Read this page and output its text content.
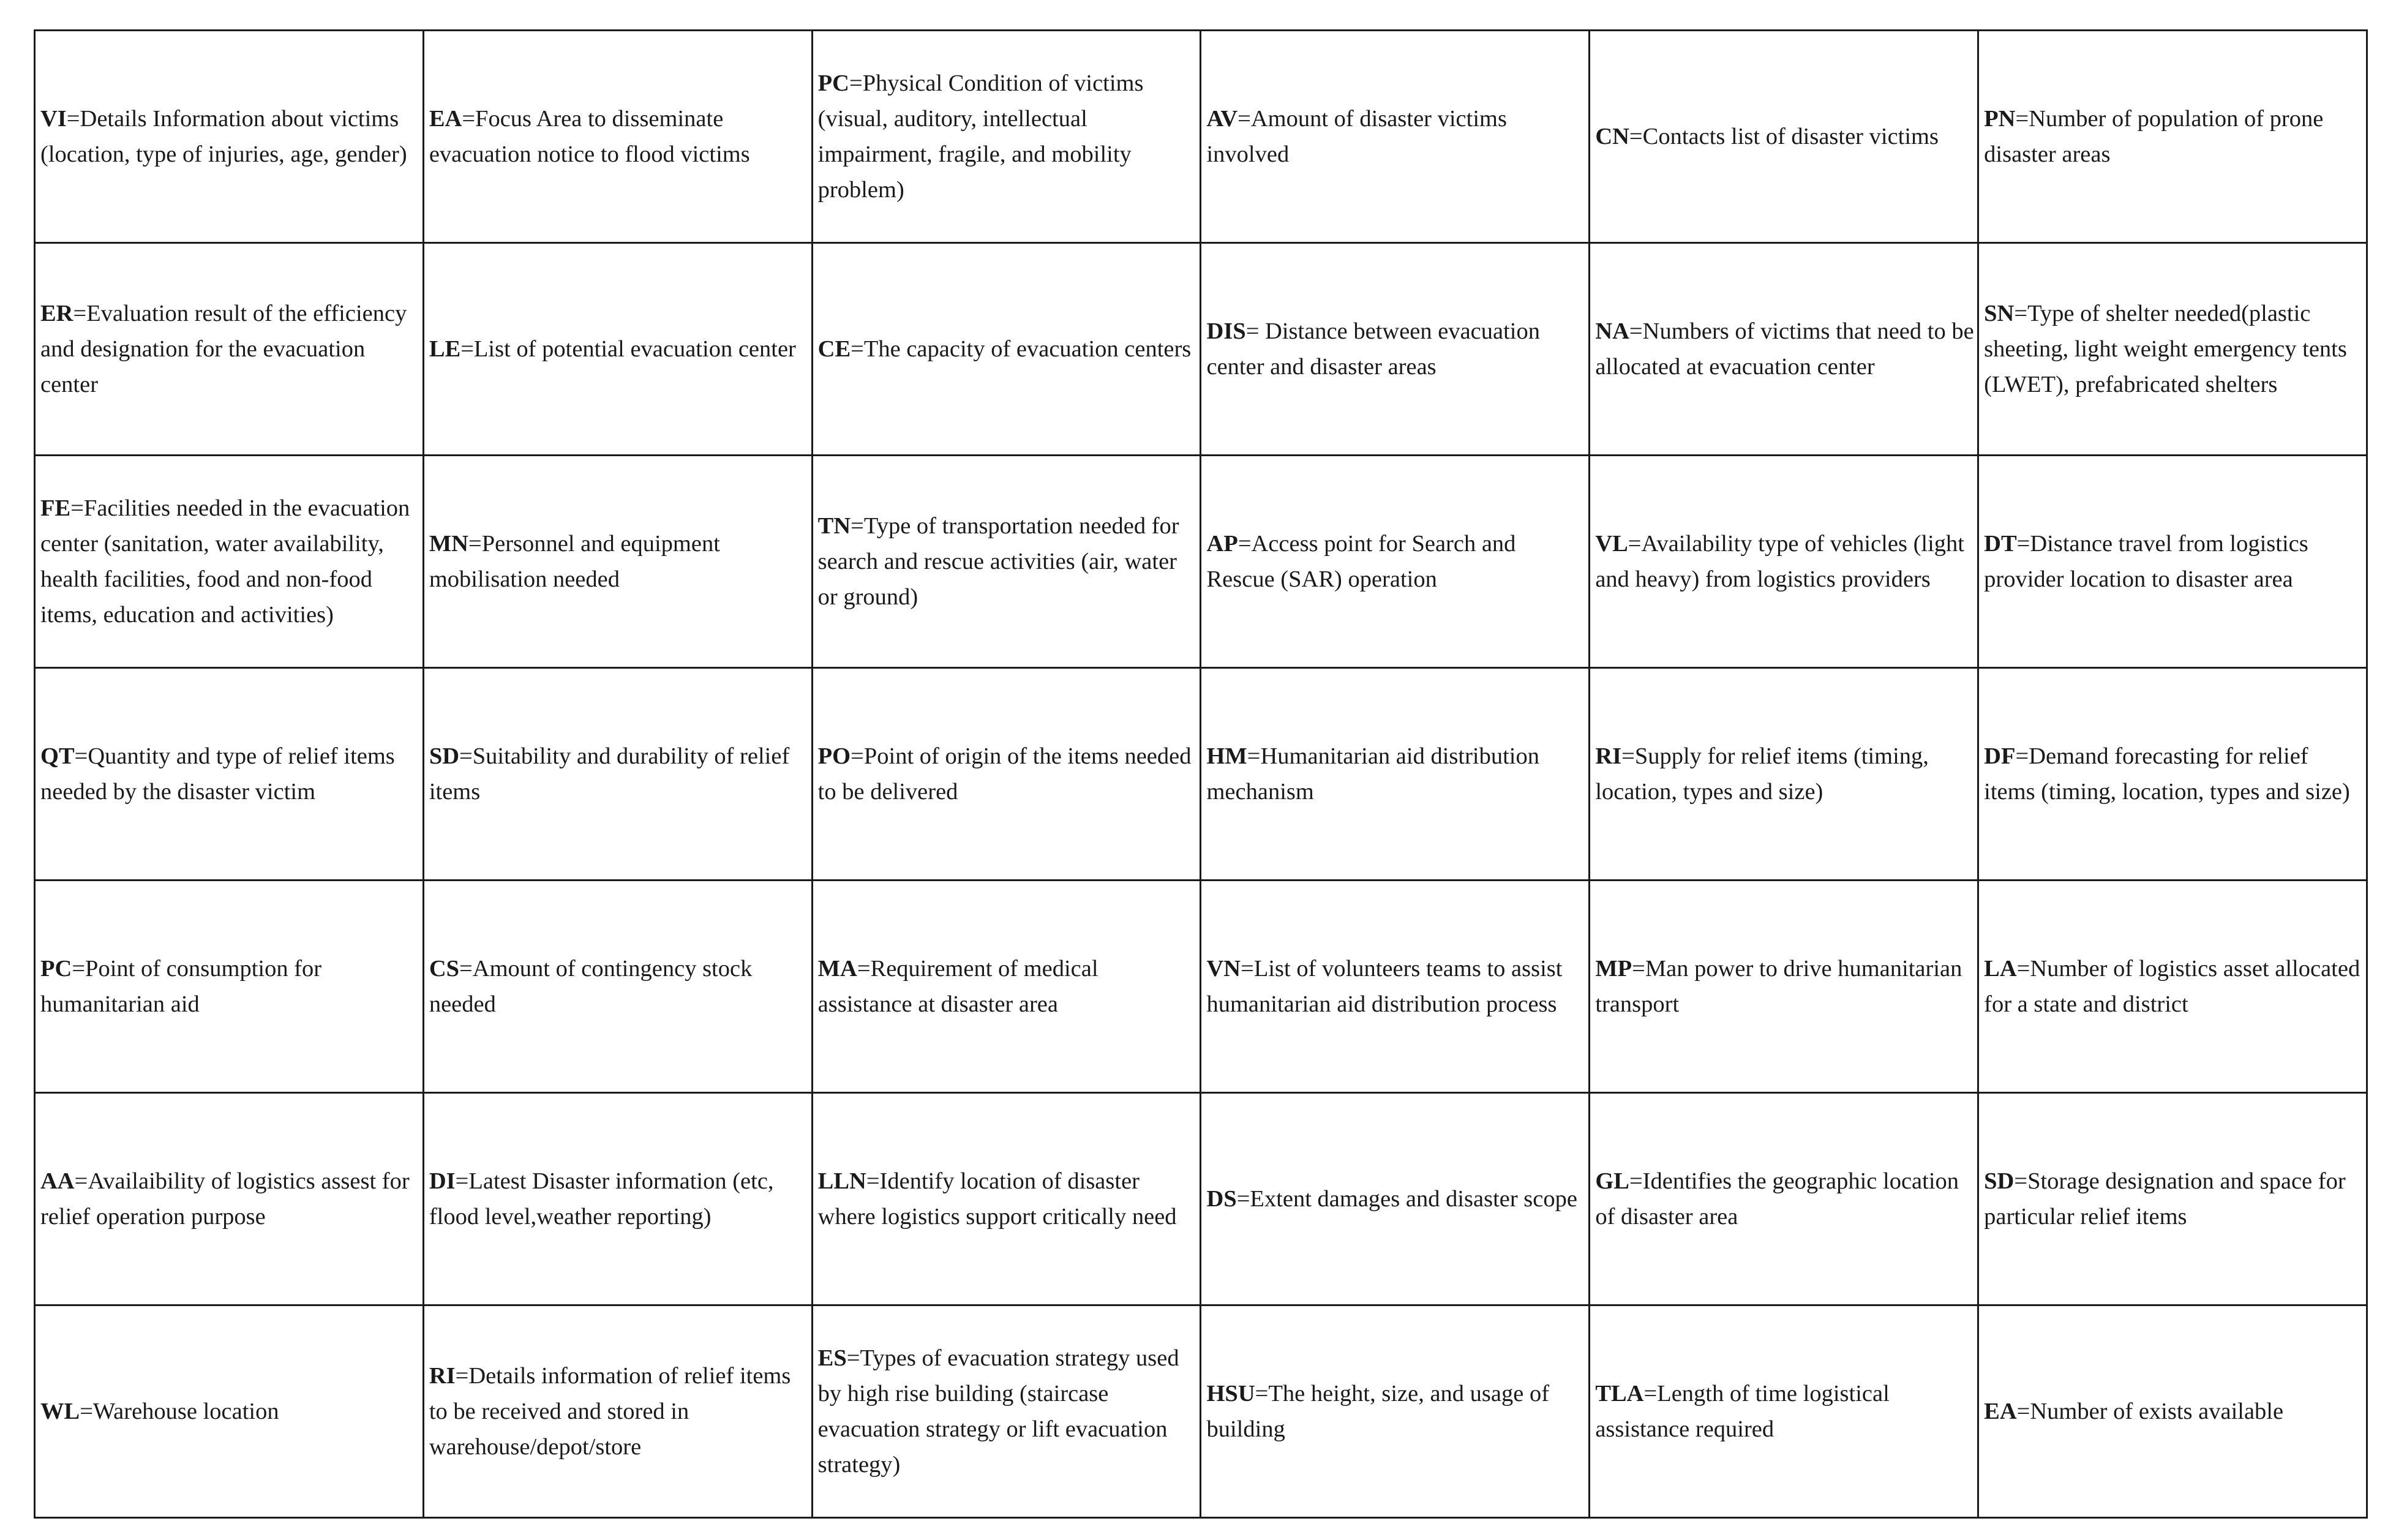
VI=Details Information about victims (location, type of injuries, age, gender)	EA=Focus Area to disseminate evacuation notice to flood victims	PC=Physical Condition of victims (visual, auditory, intellectual impairment, fragile, and mobility problem)	AV=Amount of disaster victims involved	CN=Contacts list of disaster victims	PN=Number of population of prone disaster areas
ER=Evaluation result of the efficiency and designation for the evacuation center	LE=List of potential evacuation center	CE=The capacity of evacuation centers	DIS= Distance between evacuation center and disaster areas	NA=Numbers of victims that need to be allocated at evacuation center	SN=Type of shelter needed(plastic sheeting, light weight emergency tents (LWET), prefabricated shelters
FE=Facilities needed in the evacuation center (sanitation, water availability, health facilities, food and non-food items, education and activities)	MN=Personnel and equipment mobilisation needed	TN=Type of transportation needed for search and rescue activities (air, water or ground)	AP=Access point for Search and Rescue (SAR) operation	VL=Availability type of vehicles (light and heavy) from logistics providers	DT=Distance travel from logistics provider location to disaster area
QT=Quantity and type of relief items needed by the disaster victim	SD=Suitability and durability of relief items	PO=Point of origin of the items needed to be delivered	HM=Humanitarian aid distribution mechanism	RI=Supply for relief items (timing, location, types and size)	DF=Demand forecasting for relief items (timing, location, types and size)
PC=Point of consumption for humanitarian aid	CS=Amount of contingency stock needed	MA=Requirement of medical assistance at disaster area	VN=List of volunteers teams to assist humanitarian aid distribution process	MP=Man power to drive humanitarian transport	LA=Number of logistics asset allocated for a state and district
AA=Availaibility of logistics assest for relief operation purpose	DI=Latest Disaster information (etc, flood level,weather reporting)	LLN=Identify location of disaster where logistics support critically need	DS=Extent damages and disaster scope	GL=Identifies the geographic location of disaster area	SD=Storage designation and space for particular relief items
WL=Warehouse location	RI=Details information of relief items to be received and stored in warehouse/depot/store	ES=Types of evacuation strategy used by high rise building (staircase evacuation strategy or lift evacuation strategy)	HSU=The height, size, and usage of building	TLA=Length of time logistical assistance required	EA=Number of exists available
